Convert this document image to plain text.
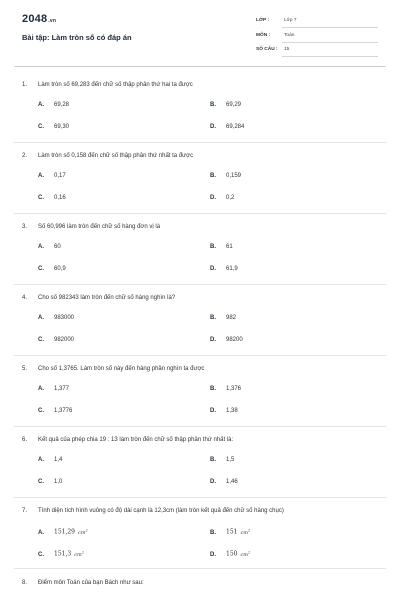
2048.vn
Bài tập: Làm tròn số có đáp án
LỚP :	Lớp 7
MÔN :	Toán
SỐ CÂU : 15
1. Làm tròn số 69,283 đến chữ số thập phân thứ hai ta được
A. 69,28	B. 69,29
C. 69,30	D. 69,284
2. Làm tròn số 0,158 đến chữ số thập phân thứ nhất ta được
A. 0,17	B. 0,159
C. 0,16	D. 0,2
3. Số 60,996 làm tròn đến chữ số hàng đơn vị là
A. 60	B. 61
C. 60,9	D. 61,9
4. Cho số 982343 làm tròn đến chữ số hàng nghìn là?
A. 983000	B. 982
C. 982000	D. 98200
5. Cho số 1,3765. Làm tròn số này đến hàng phần nghìn ta được
A. 1,377	B. 1,376
C. 1,3776	D. 1,38
6. Kết quả của phép chia 19 : 13 làm tròn đến chữ số thập phân thứ nhất là:
A. 1,4	B. 1,5
C. 1,0	D. 1,46
7. Tính diện tích hình vuông có độ dài cạnh là 12,3cm (làm tròn kết quả đến chữ số hàng chục)
A. 151,29 $cm^2$	B. 151 $cm^2$
C. 151,3 $cm^2$	D. 150 $cm^2$
8. Điểm môn Toán của bạn Bách như sau:
